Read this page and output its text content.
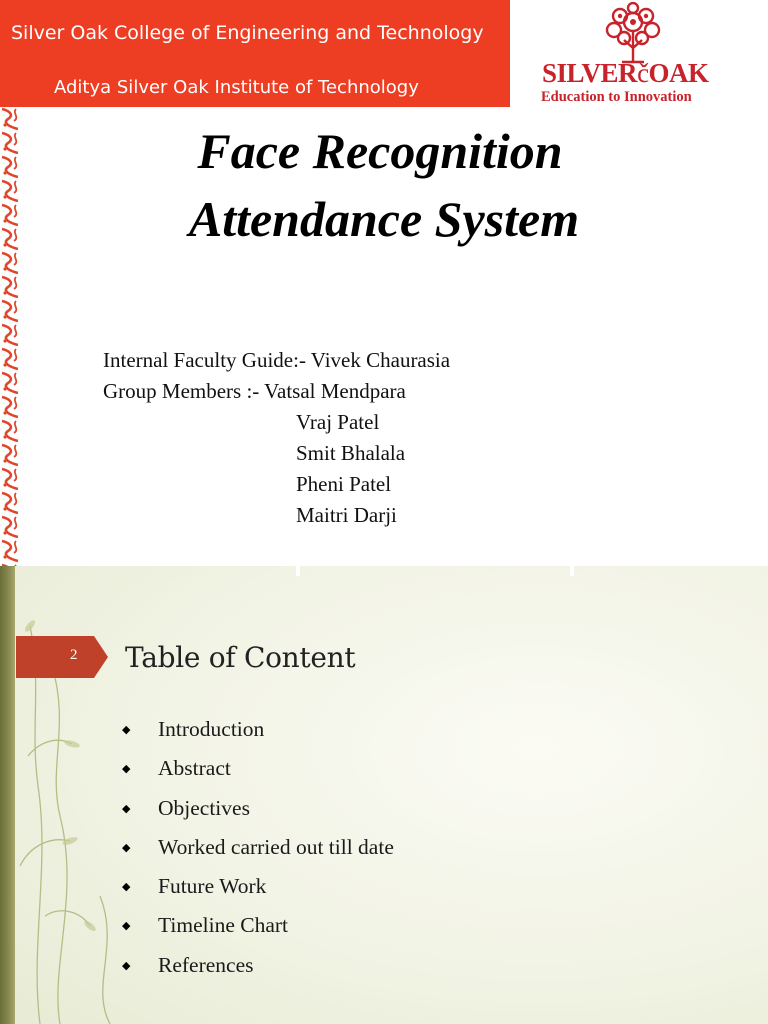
Silver Oak College of Engineering and Technology
Aditya Silver Oak Institute of Technology	SILVERčOAK
Education to Innovation
Face Recognition
Attendance System
Internal Faculty Guide:- Vivek Chaurasia
Group Members :- Vatsal Mendpara
Vraj Patel
Smit Bhalala
Pheni Patel
Maitri Darji
2 Table of Content
◆ Introduction
◆ Abstract
◆ Objectives
◆ Worked carried out till date
◆ Future Work
◆ Timeline Chart
◆ References
